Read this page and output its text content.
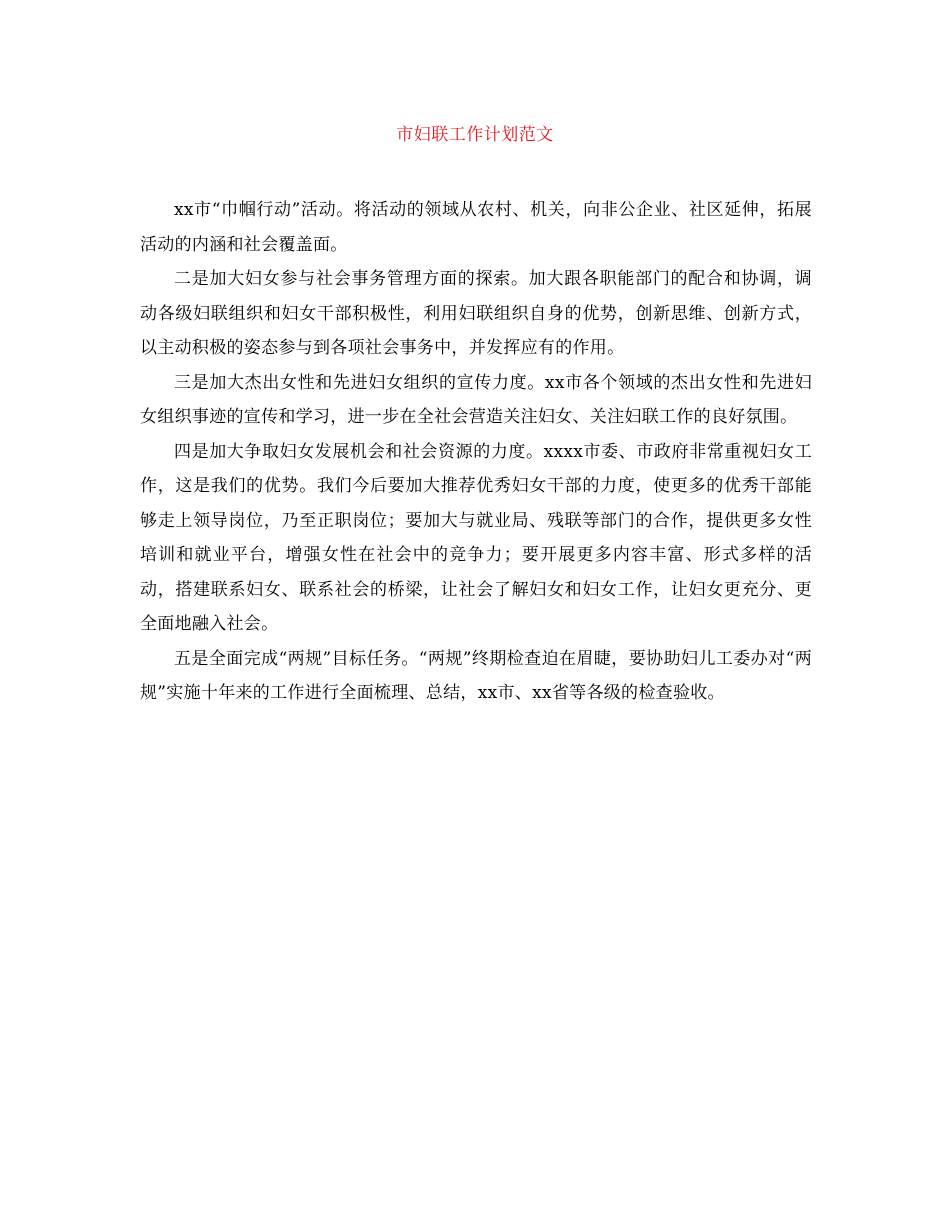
市妇联工作计划范文

xx市“巾帼行动”活动。将活动的领域从农村、机关，向非公企业、社区延伸，拓展活动的内涵和社会覆盖面。

二是加大妇女参与社会事务管理方面的探索。加大跟各职能部门的配合和协调，调动各级妇联组织和妇女干部积极性，利用妇联组织自身的优势，创新思维、创新方式，以主动积极的姿态参与到各项社会事务中，并发挥应有的作用。

三是加大杰出女性和先进妇女组织的宣传力度。xx市各个领域的杰出女性和先进妇女组织事迹的宣传和学习，进一步在全社会营造关注妇女、关注妇联工作的良好氛围。

四是加大争取妇女发展机会和社会资源的力度。xxxx市委、市政府非常重视妇女工作，这是我们的优势。我们今后要加大推荐优秀妇女干部的力度，使更多的优秀干部能够走上领导岗位，乃至正职岗位；要加大与就业局、残联等部门的合作，提供更多女性培训和就业平台，增强女性在社会中的竞争力；要开展更多内容丰富、形式多样的活动，搭建联系妇女、联系社会的桥梁，让社会了解妇女和妇女工作，让妇女更充分、更全面地融入社会。

五是全面完成“两规”目标任务。“两规”终期检查迫在眉睫，要协助妇儿工委办对“两规”实施十年来的工作进行全面梳理、总结，xx市、xx省等各级的检查验收。
